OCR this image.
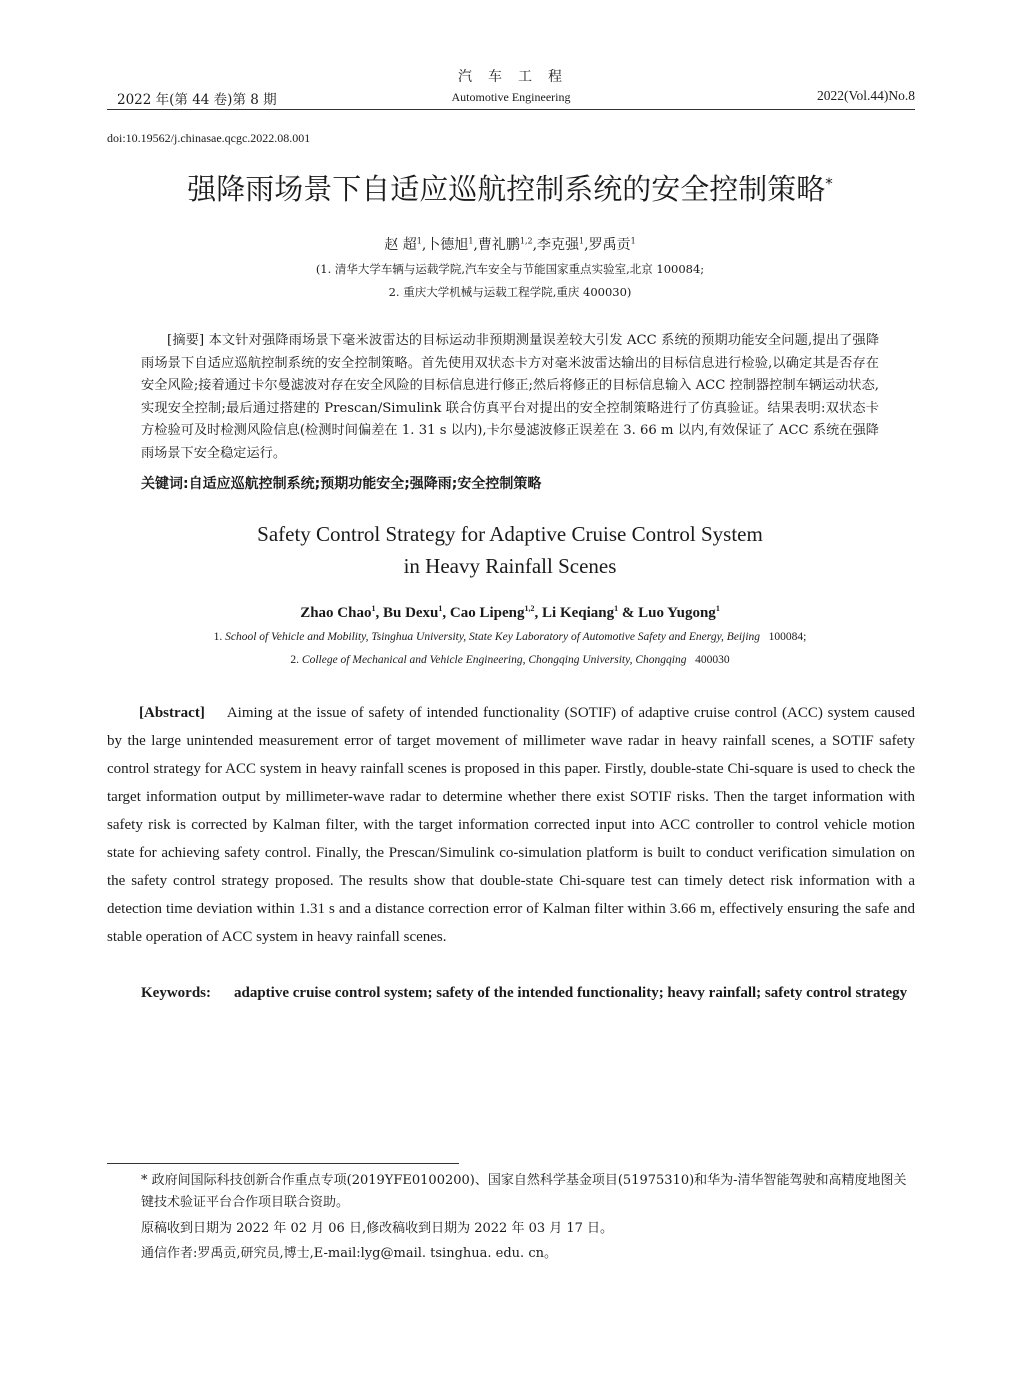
汽车工程
2022 年(第 44 卷)第 8 期	Automotive Engineering	2022(Vol.44)No.8
doi:10.19562/j.chinasae.qcgc.2022.08.001
强降雨场景下自适应巡航控制系统的安全控制策略*
赵 超$^1$,卜德旭$^1$,曹礼鹏$^{1,2}$,李克强$^1$,罗禹贡$^1$
(1. 清华大学车辆与运载学院,汽车安全与节能国家重点实验室,北京 100084;
2. 重庆大学机械与运载工程学院,重庆 400030)
[摘要] 本文针对强降雨场景下毫米波雷达的目标运动非预期测量误差较大引发 ACC 系统的预期功能安全问题,提出了强降雨场景下自适应巡航控制系统的安全控制策略。首先使用双状态卡方对毫米波雷达输出的目标信息进行检验,以确定其是否存在安全风险;接着通过卡尔曼滤波对存在安全风险的目标信息进行修正;然后将修正的目标信息输入 ACC 控制器控制车辆运动状态,实现安全控制;最后通过搭建的 Prescan/Simulink 联合仿真平台对提出的安全控制策略进行了仿真验证。结果表明:双状态卡方检验可及时检测风险信息(检测时间偏差在 1. 31 s 以内),卡尔曼滤波修正误差在 3. 66 m 以内,有效保证了 ACC 系统在强降雨场景下安全稳定运行。
关键词:自适应巡航控制系统;预期功能安全;强降雨;安全控制策略
Safety Control Strategy for Adaptive Cruise Control System
in Heavy Rainfall Scenes
Zhao Chao$^1$, Bu Dexu$^1$, Cao Lipeng$^{1,2}$, Li Keqiang$^1$ & Luo Yugong$^1$
1. School of Vehicle and Mobility, Tsinghua University, State Key Laboratory of Automotive Safety and Energy, Beijing 100084;
2. College of Mechanical and Vehicle Engineering, Chongqing University, Chongqing 400030
[Abstract] Aiming at the issue of safety of intended functionality (SOTIF) of adaptive cruise control (ACC) system caused by the large unintended measurement error of target movement of millimeter wave radar in heavy rainfall scenes, a SOTIF safety control strategy for ACC system in heavy rainfall scenes is proposed in this paper. Firstly, double-state Chi-square is used to check the target information output by millimeter-wave radar to determine whether there exist SOTIF risks. Then the target information with safety risk is corrected by Kalman filter, with the target information corrected input into ACC controller to control vehicle motion state for achieving safety control. Finally, the Prescan/Simulink co-simulation platform is built to conduct verification simulation on the safety control strategy proposed. The results show that double-state Chi-square test can timely detect risk information with a detection time deviation within 1.31 s and a distance correction error of Kalman filter within 3.66 m, effectively ensuring the safe and stable operation of ACC system in heavy rainfall scenes.
Keywords:	adaptive cruise control system; safety of the intended functionality; heavy rainfall; safety control strategy
* 政府间国际科技创新合作重点专项(2019YFE0100200)、国家自然科学基金项目(51975310)和华为-清华智能驾驶和高精度地图关键技术验证平台合作项目联合资助。
原稿收到日期为 2022 年 02 月 06 日,修改稿收到日期为 2022 年 03 月 17 日。
通信作者:罗禹贡,研究员,博士,E-mail:lyg@mail. tsinghua. edu. cn。
